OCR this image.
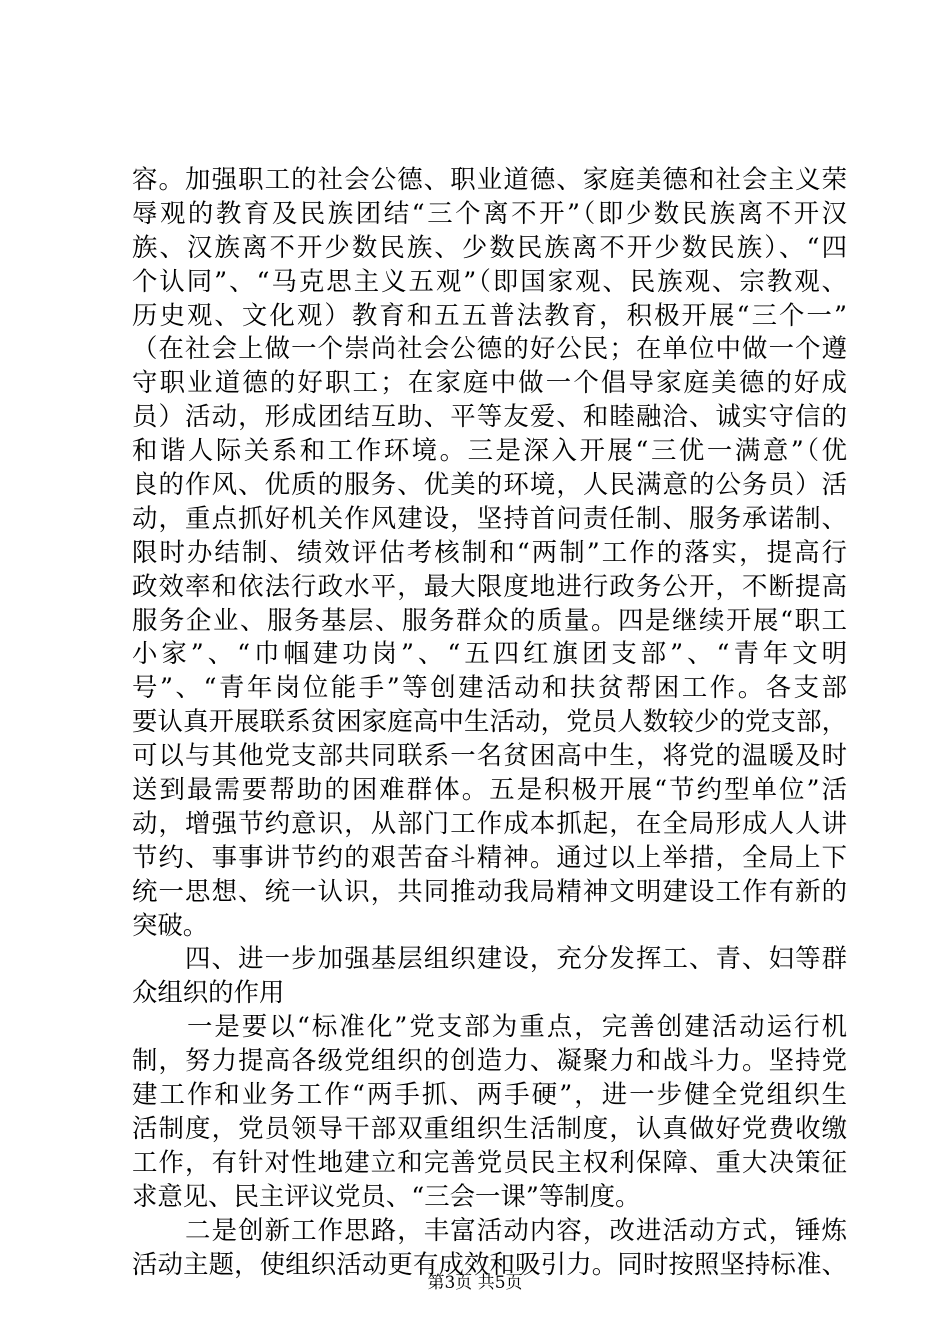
容。加强职工的社会公德、职业道德、家庭美德和社会主义荣
辱观的教育及民族团结“三个离不开”（即少数民族离不开汉
族、汉族离不开少数民族、少数民族离不开少数民族）、“四
个认同”、“马克思主义五观”（即国家观、民族观、宗教观、
历史观、文化观）教育和五五普法教育，积极开展“三个一”
（在社会上做一个崇尚社会公德的好公民；在单位中做一个遵
守职业道德的好职工；在家庭中做一个倡导家庭美德的好成
员）活动，形成团结互助、平等友爱、和睦融洽、诚实守信的
和谐人际关系和工作环境。三是深入开展“三优一满意”（优
良的作风、优质的服务、优美的环境，人民满意的公务员）活
动，重点抓好机关作风建设，坚持首问责任制、服务承诺制、
限时办结制、绩效评估考核制和“两制”工作的落实，提高行
政效率和依法行政水平，最大限度地进行政务公开，不断提高
服务企业、服务基层、服务群众的质量。四是继续开展“职工
小家”、“巾帼建功岗”、“五四红旗团支部”、“青年文明
号”、“青年岗位能手”等创建活动和扶贫帮困工作。各支部
要认真开展联系贫困家庭高中生活动，党员人数较少的党支部，
可以与其他党支部共同联系一名贫困高中生，将党的温暖及时
送到最需要帮助的困难群体。五是积极开展“节约型单位”活
动，增强节约意识，从部门工作成本抓起，在全局形成人人讲
节约、事事讲节约的艰苦奋斗精神。通过以上举措，全局上下
统一思想、统一认识，共同推动我局精神文明建设工作有新的
突破。
　　四、进一步加强基层组织建设，充分发挥工、青、妇等群
众组织的作用
　　一是要以“标准化”党支部为重点，完善创建活动运行机
制，努力提高各级党组织的创造力、凝聚力和战斗力。坚持党
建工作和业务工作“两手抓、两手硬”，进一步健全党组织生
活制度，党员领导干部双重组织生活制度，认真做好党费收缴
工作，有针对性地建立和完善党员民主权利保障、重大决策征
求意见、民主评议党员、“三会一课”等制度。
　　二是创新工作思路，丰富活动内容，改进活动方式，锤炼
活动主题，使组织活动更有成效和吸引力。同时按照坚持标准、
第3页 共5页
